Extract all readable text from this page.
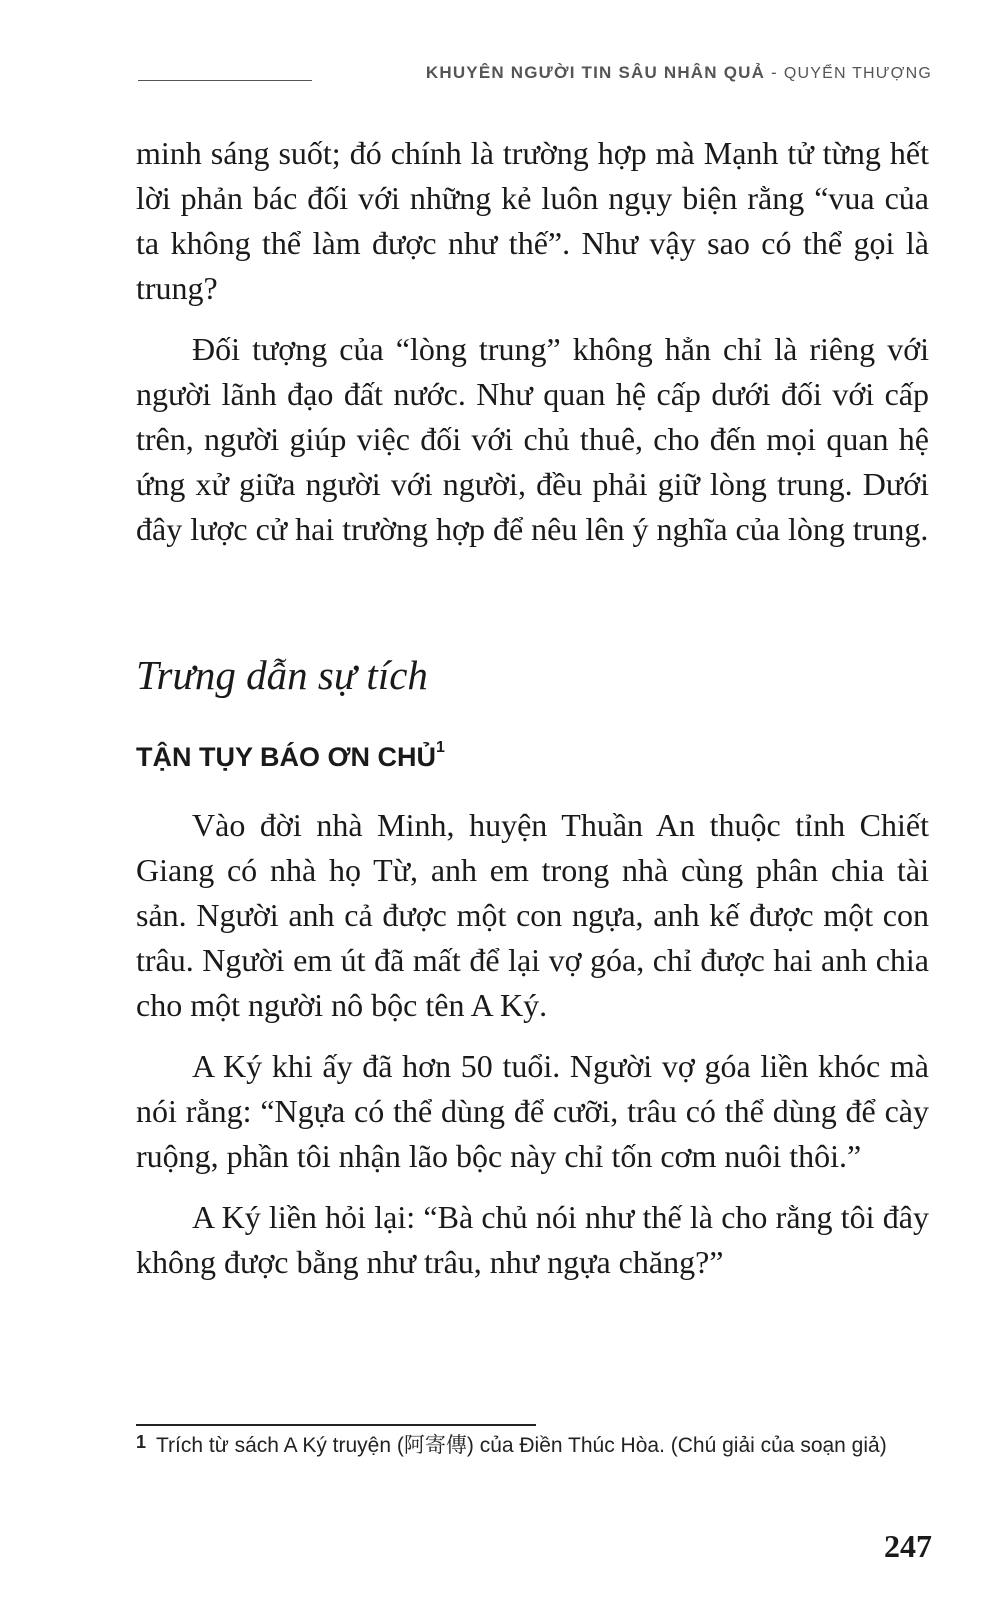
KHUYÊN NGƯỜI TIN SÂU NHÂN QUẢ - QUYỂN THƯỢNG

minh sáng suốt; đó chính là trường hợp mà Mạnh tử từng hết lời phản bác đối với những kẻ luôn ngụy biện rằng “vua của ta không thể làm được như thế”. Như vậy sao có thể gọi là trung?

Đối tượng của “lòng trung” không hẳn chỉ là riêng với người lãnh đạo đất nước. Như quan hệ cấp dưới đối với cấp trên, người giúp việc đối với chủ thuê, cho đến mọi quan hệ ứng xử giữa người với người, đều phải giữ lòng trung. Dưới đây lược cử hai trường hợp để nêu lên ý nghĩa của lòng trung.

Trưng dẫn sự tích
TẬN TỤY BÁO ƠN CHỦ$^1$

Vào đời nhà Minh, huyện Thuần An thuộc tỉnh Chiết Giang có nhà họ Từ, anh em trong nhà cùng phân chia tài sản. Người anh cả được một con ngựa, anh kế được một con trâu. Người em út đã mất để lại vợ góa, chỉ được hai anh chia cho một người nô bộc tên A Ký.

A Ký khi ấy đã hơn 50 tuổi. Người vợ góa liền khóc mà nói rằng: “Ngựa có thể dùng để cưỡi, trâu có thể dùng để cày ruộng, phần tôi nhận lão bộc này chỉ tốn cơm nuôi thôi.”

A Ký liền hỏi lại: “Bà chủ nói như thế là cho rằng tôi đây không được bằng như trâu, như ngựa chăng?”

1 Trích từ sách A Ký truyện (阿寄傳) của Điền Thúc Hòa. (Chú giải của soạn giả)
247
